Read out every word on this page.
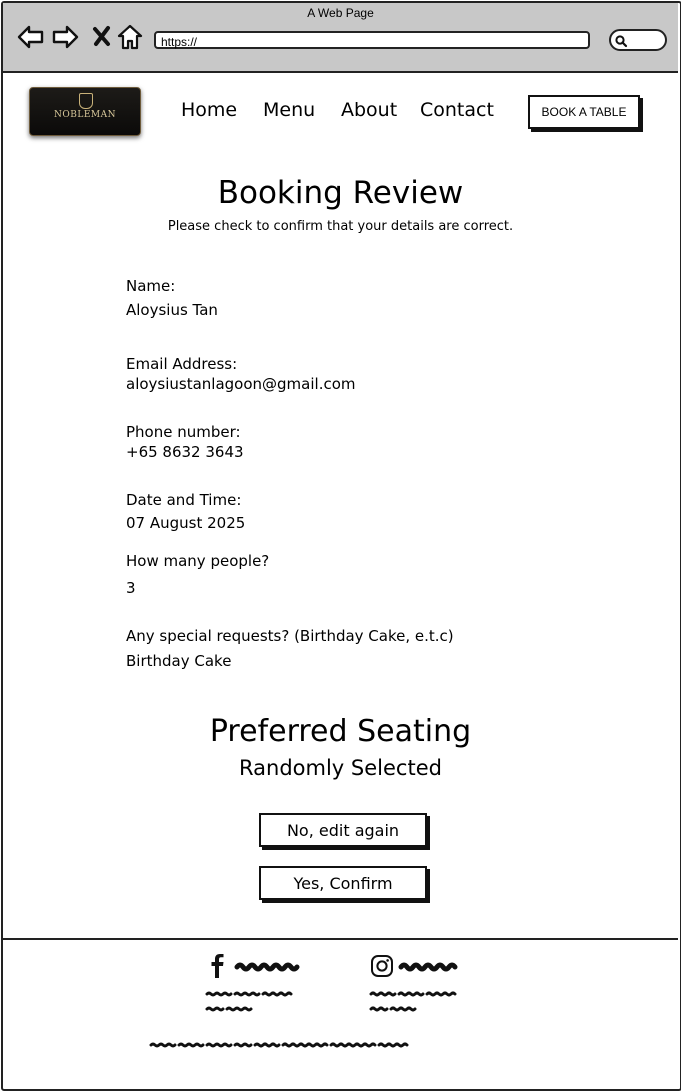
A Web Page
https://
NOBLEMAN	Home Menu About Contact	BOOK A TABLE
Booking Review
Please check to confirm that your details are correct.
Name:
Aloysius Tan
Email Address:
aloysiustanlagoon@gmail.com
Phone number:
+65 8632 3643
Date and Time:
07 August 2025
How many people?
3
Any special requests? (Birthday Cake, e.t.c)
Birthday Cake
Preferred Seating
Randomly Selected
No, edit again
Yes, Confirm
